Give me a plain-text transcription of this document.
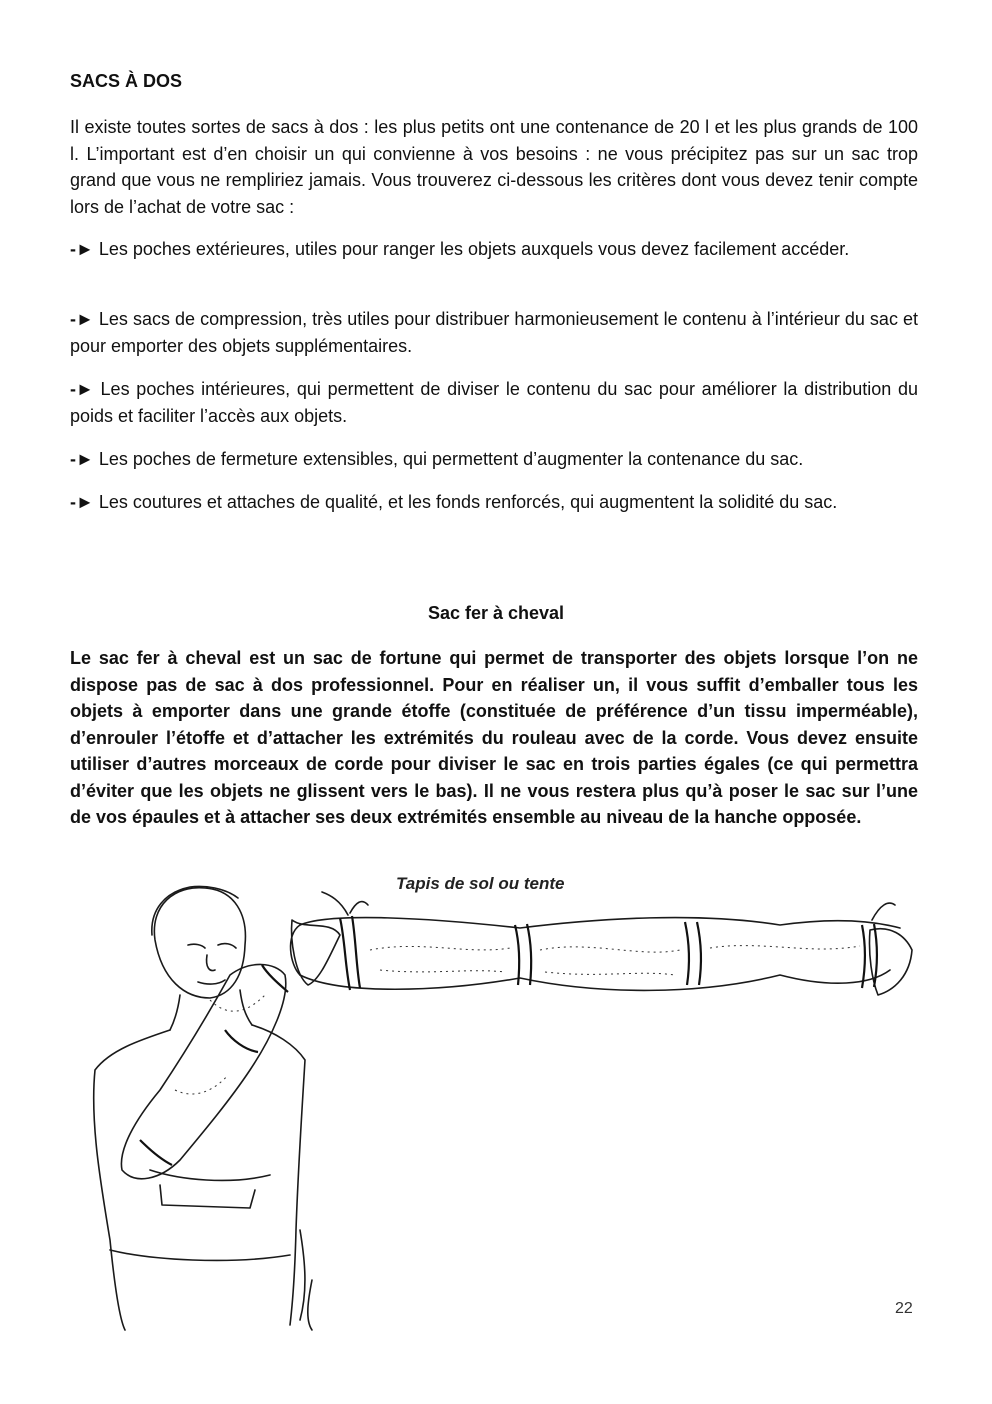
SACS À DOS

Il existe toutes sortes de sacs à dos : les plus petits ont une contenance de 20 l et les plus grands de 100 l. L’important est d’en choisir un qui convienne à vos besoins : ne vous précipitez pas sur un sac trop grand que vous ne rempliriez jamais. Vous trouverez ci-dessous les critères dont vous devez tenir compte lors de l’achat de votre sac :

-► Les poches extérieures, utiles pour ranger les objets auxquels vous devez facilement accéder.

-► Les sacs de compression, très utiles pour distribuer harmonieusement le contenu à l’intérieur du sac et pour emporter des objets supplémentaires.

-► Les poches intérieures, qui permettent de diviser le contenu du sac pour améliorer la distribution du poids et faciliter l’accès aux objets.

-► Les poches de fermeture extensibles, qui permettent d’augmenter la contenance du sac.

-► Les coutures et attaches de qualité, et les fonds renforcés, qui augmentent la solidité du sac.

Sac fer à cheval

Le sac fer à cheval est un sac de fortune qui permet de transporter des objets lorsque l’on ne dispose pas de sac à dos professionnel. Pour en réaliser un, il vous suffit d’emballer tous les objets à emporter dans une grande étoffe (constituée de préférence d’un tissu imperméable), d’enrouler l’étoffe et d’attacher les extrémités du rouleau avec de la corde. Vous devez ensuite utiliser d’autres morceaux de corde pour diviser le sac en trois parties égales (ce qui permettra d’éviter que les objets ne glissent vers le bas). Il ne vous restera plus qu’à poser le sac sur l’une de vos épaules et à attacher ses deux extrémités ensemble au niveau de la hanche opposée.

Tapis de sol ou tente

22
